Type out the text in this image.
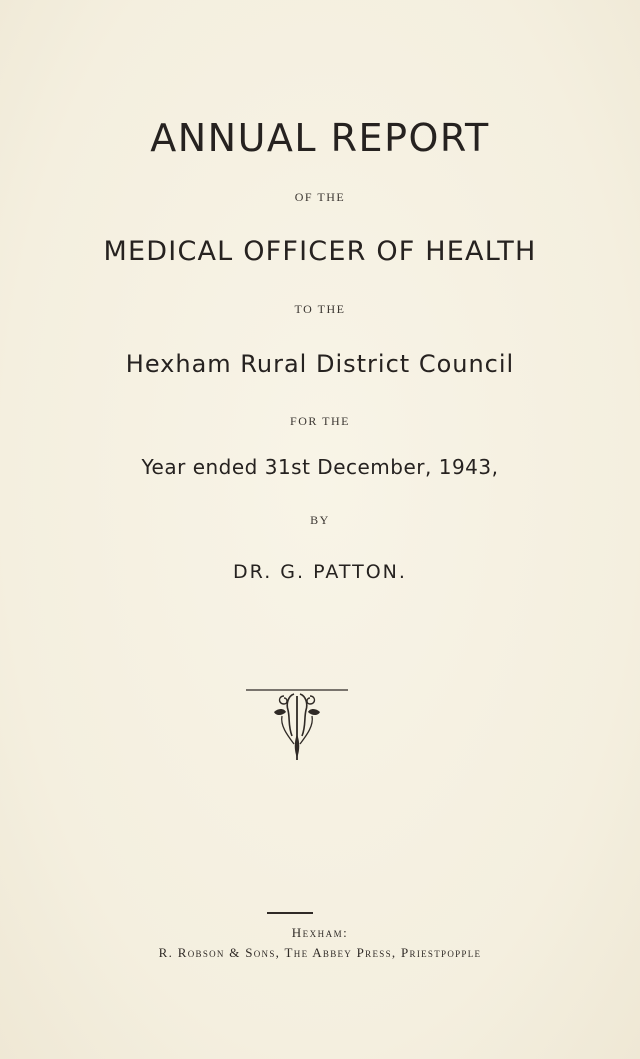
ANNUAL REPORT
OF THE
MEDICAL OFFICER OF HEALTH
TO THE
Hexham Rural District Council
FOR THE
Year ended 31st December, 1943,
BY
DR. G. PATTON.
Hexham:
R. Robson & Sons, The Abbey Press, Priestpopple
